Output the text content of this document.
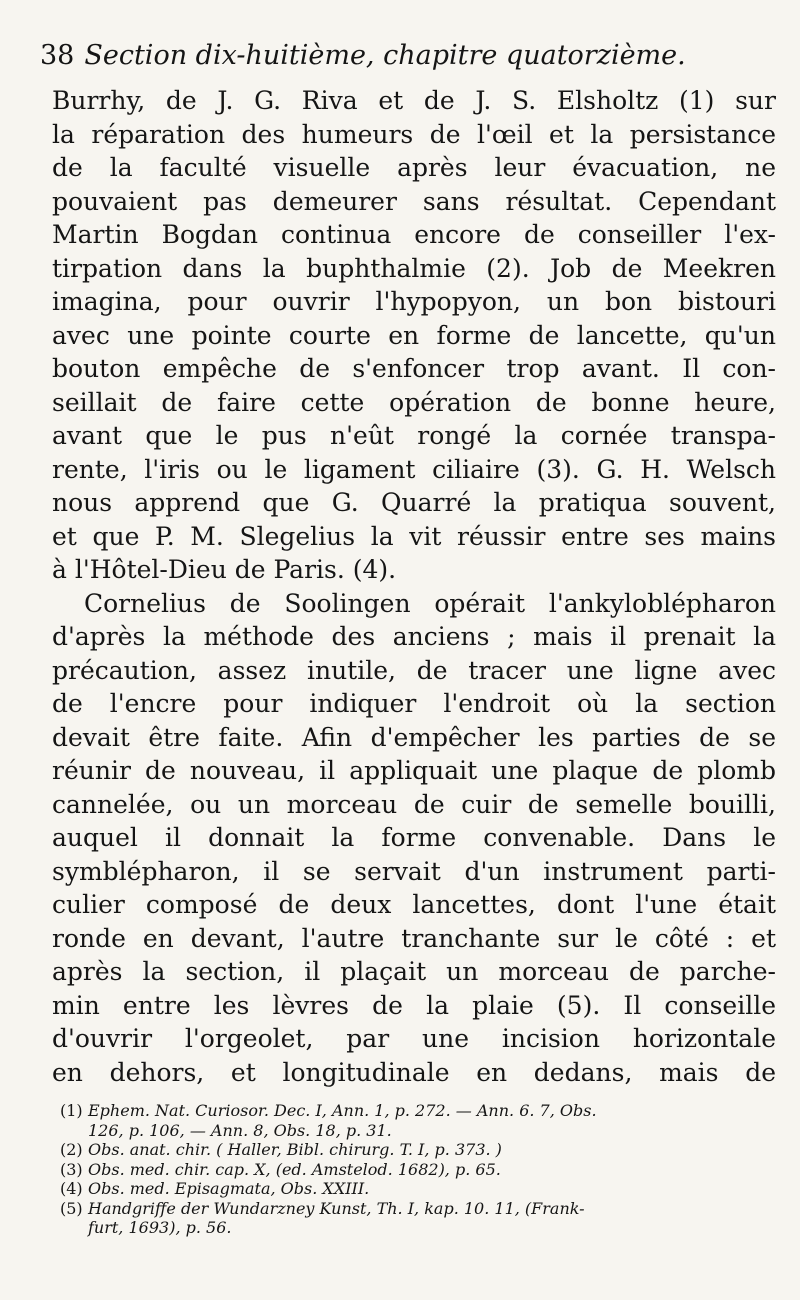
38 Section dix-huitième, chapitre quatorzième.
Burrhy, de J. G. Riva et de J. S. Elsholtz (1) sur
la réparation des humeurs de l'œil et la persistance
de la faculté visuelle après leur évacuation, ne
pouvaient pas demeurer sans résultat. Cependant
Martin Bogdan continua encore de conseiller l'ex-
tirpation dans la buphthalmie (2). Job de Meekren
imagina, pour ouvrir l'hypopyon, un bon bistouri
avec une pointe courte en forme de lancette, qu'un
bouton empêche de s'enfoncer trop avant. Il con-
seillait de faire cette opération de bonne heure,
avant que le pus n'eût rongé la cornée transpa-
rente, l'iris ou le ligament ciliaire (3). G. H. Welsch
nous apprend que G. Quarré la pratiqua souvent,
et que P. M. Slegelius la vit réussir entre ses mains
à l'Hôtel-Dieu de Paris. (4).
Cornelius de Soolingen opérait l'ankyloblépharon
d'après la méthode des anciens ; mais il prenait la
précaution, assez inutile, de tracer une ligne avec
de l'encre pour indiquer l'endroit où la section
devait être faite. Afin d'empêcher les parties de se
réunir de nouveau, il appliquait une plaque de plomb
cannelée, ou un morceau de cuir de semelle bouilli,
auquel il donnait la forme convenable. Dans le
symblépharon, il se servait d'un instrument parti-
culier composé de deux lancettes, dont l'une était
ronde en devant, l'autre tranchante sur le côté : et
après la section, il plaçait un morceau de parche-
min entre les lèvres de la plaie (5). Il conseille
d'ouvrir l'orgeolet, par une incision horizontale
en dehors, et longitudinale en dedans, mais de
(1) Ephem. Nat. Curiosor. Dec. I, Ann. 1, p. 272. — Ann. 6. 7, Obs.
126, p. 106, — Ann. 8, Obs. 18, p. 31.
(2) Obs. anat. chir. ( Haller, Bibl. chirurg. T. I, p. 373. )
(3) Obs. med. chir. cap. X, (ed. Amstelod. 1682), p. 65.
(4) Obs. med. Episagmata, Obs. XXIII.
(5) Handgriffe der Wundarzney Kunst, Th. I, kap. 10. 11, (Frank-
furt, 1693), p. 56.
